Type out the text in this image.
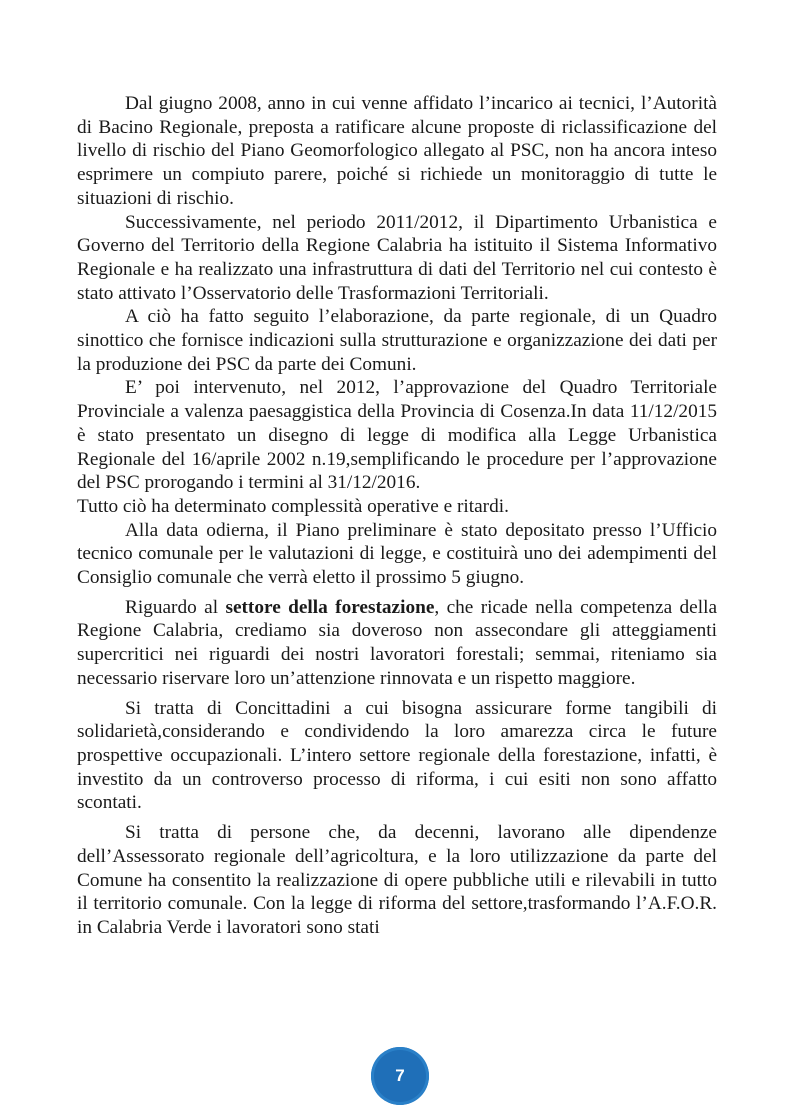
Dal giugno 2008, anno in cui venne affidato l’incarico ai tecnici, l’Autorità di Bacino Regionale, preposta a ratificare alcune proposte di riclassificazione del livello di rischio del Piano Geomorfologico allegato al PSC, non ha ancora inteso esprimere un compiuto parere, poiché si richiede un monitoraggio di tutte le situazioni di rischio.

Successivamente, nel periodo 2011/2012, il Dipartimento Urbanistica e Governo del Territorio della Regione Calabria ha istituito il Sistema Informativo Regionale e ha realizzato una infrastruttura di dati del Territorio nel cui contesto è stato attivato l’Osservatorio delle Trasformazioni Territoriali.

A ciò ha fatto seguito l’elaborazione, da parte regionale, di un Quadro sinottico che fornisce indicazioni sulla strutturazione e organizzazione dei dati per la produzione dei PSC da parte dei Comuni.

E’ poi intervenuto, nel 2012, l’approvazione del Quadro Territoriale Provinciale a valenza paesaggistica della Provincia di Cosenza.In data 11/12/2015 è stato presentato un disegno di legge di modifica alla Legge Urbanistica Regionale del 16/aprile 2002 n.19,semplificando le procedure per l’approvazione del PSC prorogando i termini al 31/12/2016.

Tutto ciò ha determinato complessità operative e ritardi.

Alla data odierna, il Piano preliminare è stato depositato presso l’Ufficio tecnico comunale per le valutazioni di legge, e costituirà uno dei adempimenti del Consiglio comunale che verrà eletto il prossimo 5 giugno.

Riguardo al settore della forestazione, che ricade nella competenza della Regione Calabria, crediamo sia doveroso non assecondare gli atteggiamenti supercritici nei riguardi dei nostri lavoratori forestali; semmai, riteniamo sia necessario riservare loro un’attenzione rinnovata e un rispetto maggiore.

Si tratta di Concittadini a cui bisogna assicurare forme tangibili di solidarietà,considerando e condividendo la loro amarezza circa le future prospettive occupazionali. L’intero settore regionale della forestazione, infatti, è investito da un controverso processo di riforma, i cui esiti non sono affatto scontati.

Si tratta di persone che, da decenni, lavorano alle dipendenze dell’Assessorato regionale dell’agricoltura, e la loro utilizzazione da parte del Comune ha consentito la realizzazione di opere pubbliche utili e rilevabili in tutto il territorio comunale. Con la legge di riforma del settore,trasformando l’A.F.O.R. in Calabria Verde i lavoratori sono stati

7
